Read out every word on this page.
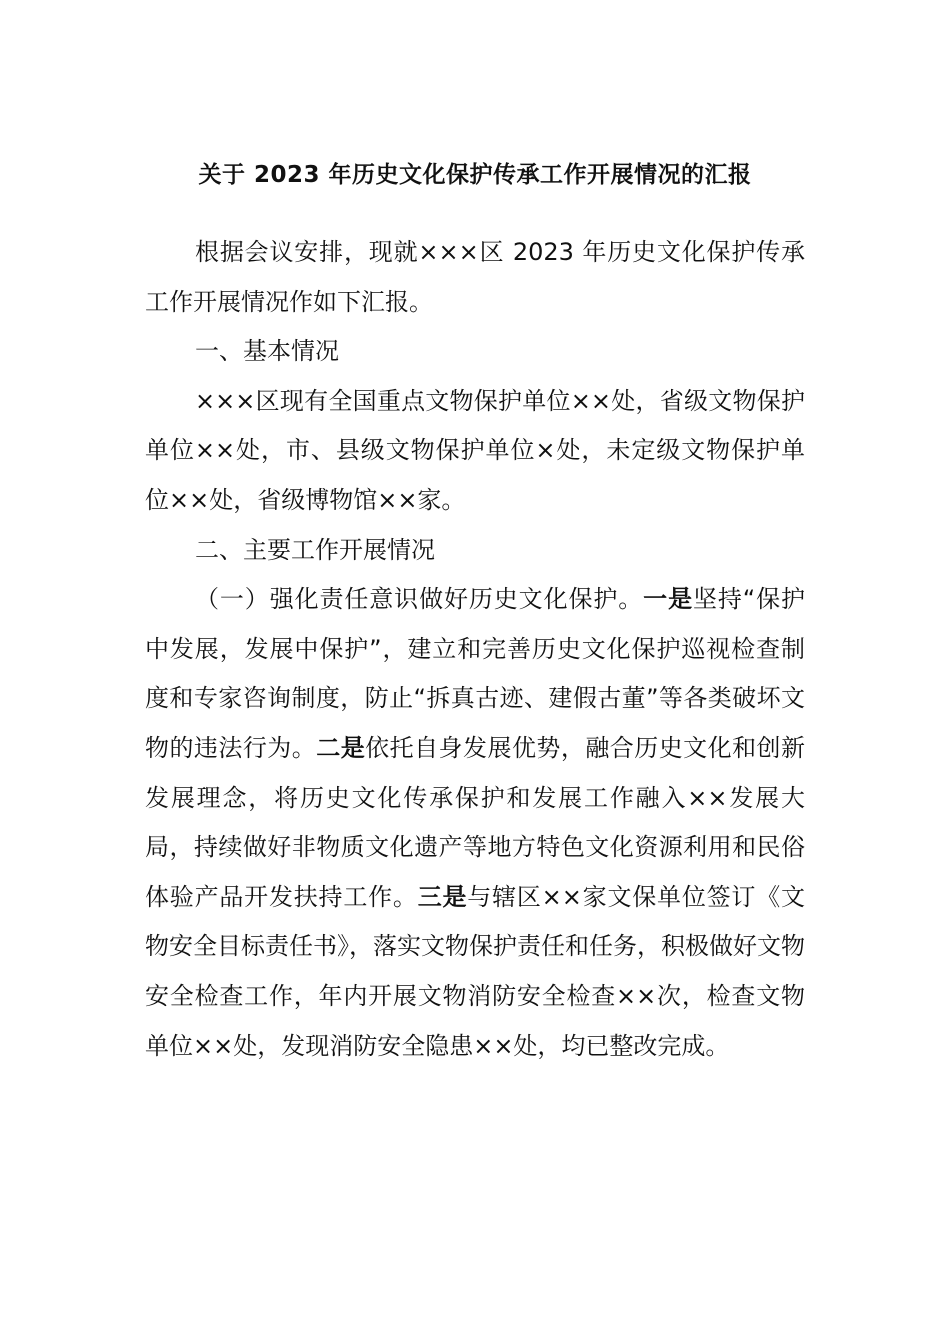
关于 2023 年历史文化保护传承工作开展情况的汇报

根据会议安排，现就×××区 2023 年历史文化保护传承工作开展情况作如下汇报。

一、基本情况

×××区现有全国重点文物保护单位××处，省级文物保护单位××处，市、县级文物保护单位×处，未定级文物保护单位××处，省级博物馆××家。

二、主要工作开展情况

（一）强化责任意识做好历史文化保护。一是坚持“保护中发展，发展中保护”，建立和完善历史文化保护巡视检查制度和专家咨询制度，防止“拆真古迹、建假古董”等各类破坏文物的违法行为。二是依托自身发展优势，融合历史文化和创新发展理念，将历史文化传承保护和发展工作融入××发展大局，持续做好非物质文化遗产等地方特色文化资源利用和民俗体验产品开发扶持工作。三是与辖区××家文保单位签订《文物安全目标责任书》，落实文物保护责任和任务，积极做好文物安全检查工作，年内开展文物消防安全检查××次，检查文物单位××处，发现消防安全隐患××处，均已整改完成。
